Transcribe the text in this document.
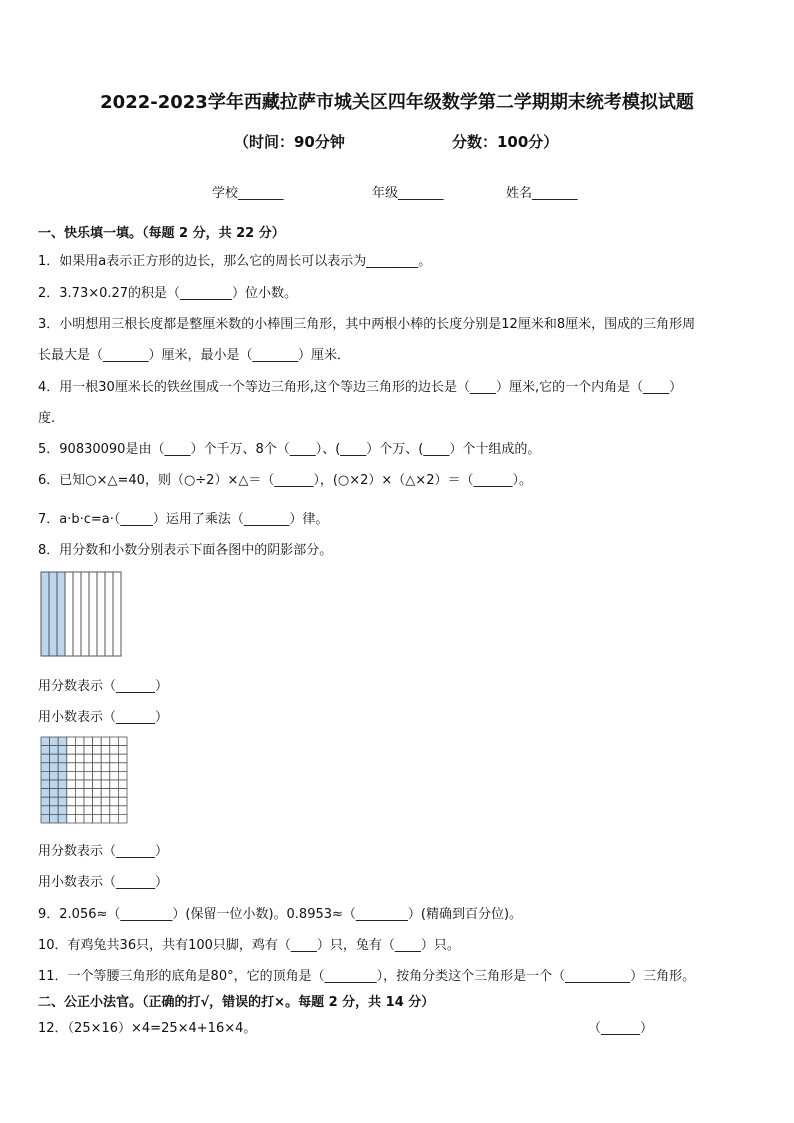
2022-2023学年西藏拉萨市城关区四年级数学第二学期期末统考模拟试题
（时间：90分钟	分数：100分）
学校_______	年级_______	姓名_______
一、快乐填一填。（每题 2 分，共 22 分）
1．如果用a表示正方形的边长，那么它的周长可以表示为________。
2．3.73×0.27的积是（________）位小数。
3．小明想用三根长度都是整厘米数的小棒围三角形，其中两根小棒的长度分别是12厘米和8厘米，围成的三角形周
长最大是（_______）厘米，最小是（_______）厘米．
4．用一根30厘米长的铁丝围成一个等边三角形,这个等边三角形的边长是（____）厘米,它的一个内角是（____）
度.
5．90830090是由（____）个千万、8个（____）、(____）个万、(____）个十组成的。
6．已知○×△=40，则（○÷2）×△＝（______），(○×2）×（△×2）＝（______）。
7．a·b·c=a·（_____）运用了乘法（_______）律。
8．用分数和小数分别表示下面各图中的阴影部分。
用分数表示（______）
用小数表示（______）
用分数表示（______）
用小数表示（______）
9．2.056≈（________）(保留一位小数)。0.8953≈（________）(精确到百分位)。
10．有鸡兔共36只，共有100只脚，鸡有（____）只，兔有（____）只。
11．一个等腰三角形的底角是80°，它的顶角是（________），按角分类这个三角形是一个（__________）三角形。
二、公正小法官。（正确的打√，错误的打×。每题 2 分，共 14 分）
12．（25×16）×4=25×4+16×4。	（______）
